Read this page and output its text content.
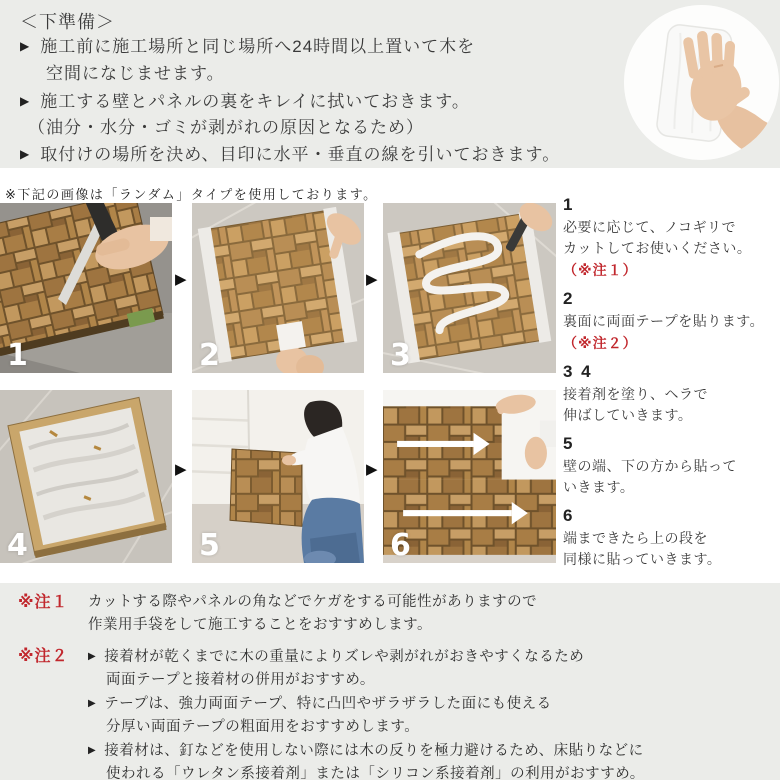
＜下準備＞
▶ 施工前に施工場所と同じ場所へ24時間以上置いて木を
空間になじませます。
▶ 施工する壁とパネルの裏をキレイに拭いておきます。
（油分・水分・ゴミが剥がれの原因となるため）
▶ 取付けの場所を決め、目印に水平・垂直の線を引いておきます。
※下記の画像は「ランダム」タイプを使用しております。
1
▶
2
▶
3
4
▶
5
▶
6
1
必要に応じて、ノコギリで
カットしてお使いください。
（※注１）
2
裏面に両面テープを貼ります。
（※注２）
3 4
接着剤を塗り、ヘラで
伸ばしていきます。
5
壁の端、下の方から貼って
いきます。
6
端まできたら上の段を
同様に貼っていきます。
※注１	カットする際やパネルの角などでケガをする可能性がありますので
作業用手袋をして施工することをおすすめします。
※注２	▶ 接着材が乾くまでに木の重量によりズレや剥がれがおきやすくなるため
両面テープと接着材の併用がおすすめ。
▶ テープは、強力両面テープ、特に凸凹やザラザラした面にも使える
分厚い両面テープの粗面用をおすすめします。
▶ 接着材は、釘などを使用しない際には木の反りを極力避けるため、床貼りなどに
使われる「ウレタン系接着剤」または「シリコン系接着剤」の利用がおすすめ。
